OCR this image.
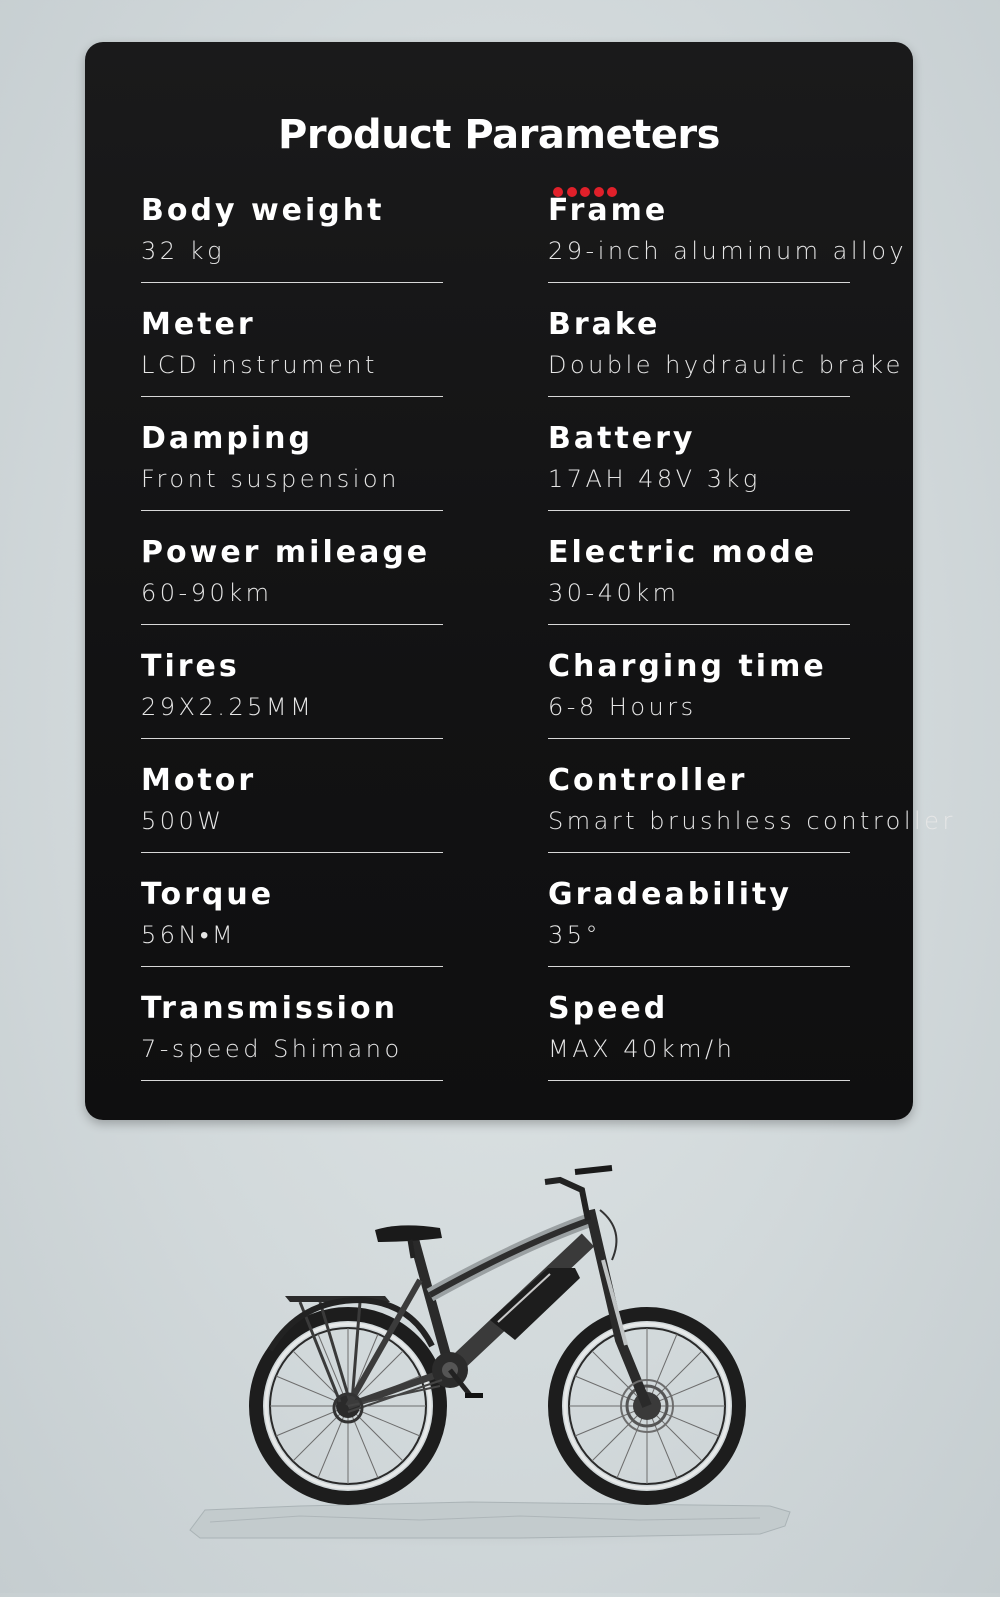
Product Parameters
Body weight
32 kg
Meter
LCD instrument
Damping
Front suspension
Power mileage
60-90km
Tires
29X2.25MM
Motor
500W
Torque
56N•M
Transmission
7-speed Shimano
Frame
29-inch aluminum alloy
Brake
Double hydraulic brake
Battery
17AH 48V 3kg
Electric mode
30-40km
Charging time
6-8 Hours
Controller
Smart brushless controller
Gradeability
35°
Speed
MAX 40km/h
